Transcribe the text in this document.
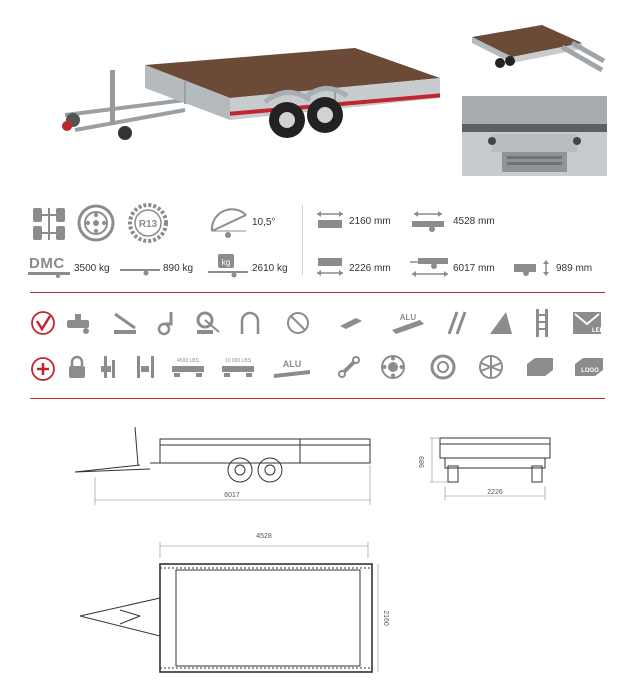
R13	10,5°	2160 mm	4528 mm
DMC 3500 kg	890 kg
kg
2610 kg	2226 mm	6017 mm	989 mm
ALU
LED
4500 LBS	10 000 LBS	ALU
LOGO
6017
989
2226
4528
2160
